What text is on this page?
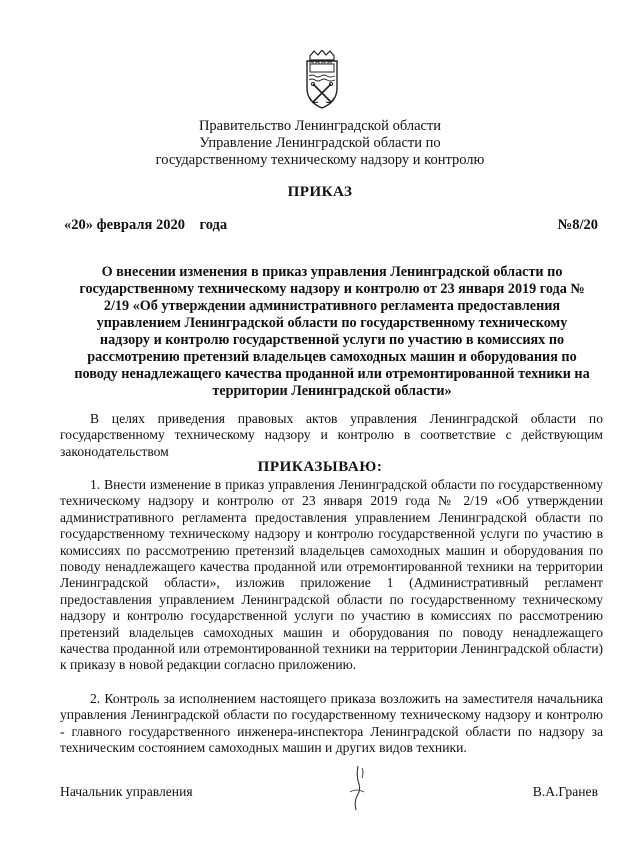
Правительство Ленинградской области
Управление Ленинградской области по
государственному техническому надзору и контролю
ПРИКАЗ
«20» февраля 2020    года	№8/20
О внесении изменения в приказ управления Ленинградской области по государственному техническому надзору и контролю от 23 января 2019 года № 2/19 «Об утверждении административного регламента предоставления управлением Ленинградской области по государственному техническому надзору и контролю государственной услуги по участию в комиссиях по рассмотрению претензий владельцев самоходных машин и оборудования по поводу ненадлежащего качества проданной или отремонтированной техники на территории Ленинградской области»
В целях приведения правовых актов управления Ленинградской области по государственному техническому надзору и контролю в соответствие с действующим законодательством
ПРИКАЗЫВАЮ:
1. Внести изменение в приказ управления Ленинградской области по государственному техническому надзору и контролю от 23 января 2019 года № 2/19 «Об утверждении административного регламента предоставления управлением Ленинградской области по государственному техническому надзору и контролю государственной услуги по участию в комиссиях по рассмотрению претензий владельцев самоходных машин и оборудования по поводу ненадлежащего качества проданной или отремонтированной техники на территории Ленинградской области», изложив приложение 1 (Административный регламент предоставления управлением Ленинградской области по государственному техническому надзору и контролю государственной услуги по участию в комиссиях по рассмотрению претензий владельцев самоходных машин и оборудования по поводу ненадлежащего качества проданной или отремонтированной техники на территории Ленинградской области) к приказу в новой редакции согласно приложению.
2. Контроль за исполнением настоящего приказа возложить на заместителя начальника управления Ленинградской области по государственному техническому надзору и контролю - главного государственного инженера-инспектора Ленинградской области по надзору за техническим состоянием самоходных машин и других видов техники.
Начальник управления	В.А.Гранев
